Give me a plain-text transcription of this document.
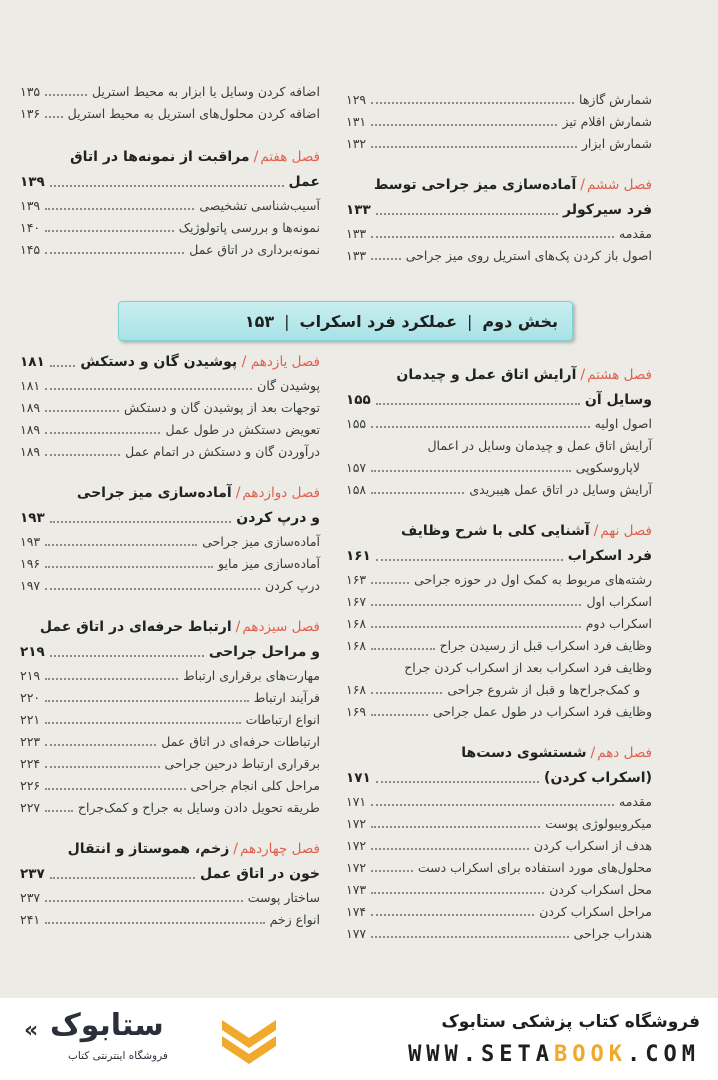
شمارش گازها
۱۲۹
شمارش اقلام تیز
۱۳۱
شمارش ابزار
۱۳۲
فصل ششم
/
آماده‌سازی میز جراحی توسط
فرد سیرکولر
۱۳۳
مقدمه
۱۳۳
اصول باز کردن پک‌های استریل روی میز جراحی
۱۳۳
اضافه کردن وسایل یا ابزار به محیط استریل
۱۳۵
اضافه کردن محلول‌های استریل به محیط استریل
۱۳۶
فصل هفتم
/
مراقبت از نمونه‌ها در اتاق
عمل
۱۳۹
آسیب‌شناسی تشخیصی
۱۳۹
نمونه‌ها و بررسی پاتولوژیک
۱۴۰
نمونه‌برداری در اتاق عمل
۱۴۵
بخش دوم
|
عملکرد فرد اسکراب
|
۱۵۳
فصل هشتم
/
آرایش اتاق عمل و چیدمان
وسایل آن
۱۵۵
اصول اولیه
۱۵۵
آرایش اتاق عمل و چیدمان وسایل در اعمال
لاپاروسکوپی
۱۵۷
آرایش وسایل در اتاق عمل هیبریدی
۱۵۸
فصل نهم
/
آشنایی کلی با شرح وظایف
فرد اسکراب
۱۶۱
رشته‌های مربوط به کمک اول در حوزه جراحی
۱۶۳
اسکراب اول
۱۶۷
اسکراب دوم
۱۶۸
وظایف فرد اسکراب قبل از رسیدن جراح
۱۶۸
وظایف فرد اسکراب بعد از اسکراب کردن جراح
و کمک‌جراح‌ها و قبل از شروع جراحی
۱۶۸
وظایف فرد اسکراب در طول عمل جراحی
۱۶۹
فصل دهم
/
شستشوی دست‌ها
(اسکراب کردن)
۱۷۱
مقدمه
۱۷۱
میکروبیولوژی پوست
۱۷۲
هدف از اسکراب کردن
۱۷۲
محلول‌های مورد استفاده برای اسکراب دست
۱۷۲
محل اسکراب کردن
۱۷۳
مراحل اسکراب کردن
۱۷۴
هندراب جراحی
۱۷۷
فصل یازدهم / پوشیدن گان و دستکش
۱۸۱
پوشیدن گان
۱۸۱
توجهات بعد از پوشیدن گان و دستکش
۱۸۹
تعویض دستکش در طول عمل
۱۸۹
درآوردن گان و دستکش در اتمام عمل
۱۸۹
فصل دوازدهم
/
آماده‌سازی میز جراحی
و درپ کردن
۱۹۳
آماده‌سازی میز جراحی
۱۹۳
آماده‌سازی میز مایو
۱۹۶
درپ کردن
۱۹۷
فصل سیزدهم
/
ارتباط حرفه‌ای در اتاق عمل
و مراحل جراحی
۲۱۹
مهارت‌های برقراری ارتباط
۲۱۹
فرآیند ارتباط
۲۲۰
انواع ارتباطات
۲۲۱
ارتباطات حرفه‌ای در اتاق عمل
۲۲۳
برقراری ارتباط درحین جراحی
۲۲۴
مراحل کلی انجام جراحی
۲۲۶
طریقه تحویل دادن وسایل به جراح و کمک‌جراح
۲۲۷
فصل چهاردهم
/
زخم، هموستاز و انتقال
خون در اتاق عمل
۲۳۷
ساختار پوست
۲۳۷
انواع زخم
۲۴۱
« ستابوک
فروشگاه اینترنتی کتاب
فروشگاه کتاب پزشکی ستابوک
WWW.SETABOOK.COM
